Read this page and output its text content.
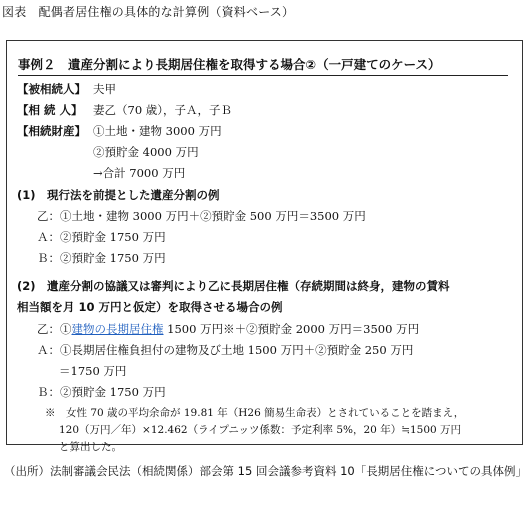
図表　配偶者居住権の具体的な計算例（資料ベース）
事例２　遺産分割により長期居住権を取得する場合②（一戸建てのケース）
【被相続人】 夫甲
【相 続 人】 妻乙（70 歳），子Ａ，子Ｂ
【相続財産】 ①土地・建物 3000 万円
②預貯金 4000 万円
→合計 7000 万円
(1)　現行法を前提とした遺産分割の例
乙：①土地・建物 3000 万円＋②預貯金 500 万円＝3500 万円
Ａ：②預貯金 1750 万円
Ｂ：②預貯金 1750 万円
(2)　遺産分割の協議又は審判により乙に長期居住権（存続期間は終身，建物の賃料
相当額を月 10 万円と仮定）を取得させる場合の例
乙：①建物の長期居住権 1500 万円※＋②預貯金 2000 万円＝3500 万円
Ａ：①長期居住権負担付の建物及び土地 1500 万円＋②預貯金 250 万円
＝1750 万円
Ｂ：②預貯金 1750 万円
※　女性 70 歳の平均余命が 19.81 年（H26 簡易生命表）とされていることを踏まえ，
120（万円／年）×12.462（ライプニッツ係数：予定利率 5%，20 年）≒1500 万円
と算出した。
（出所）法制審議会民法（相続関係）部会第 15 回会議参考資料 10「長期居住権についての具体例」
